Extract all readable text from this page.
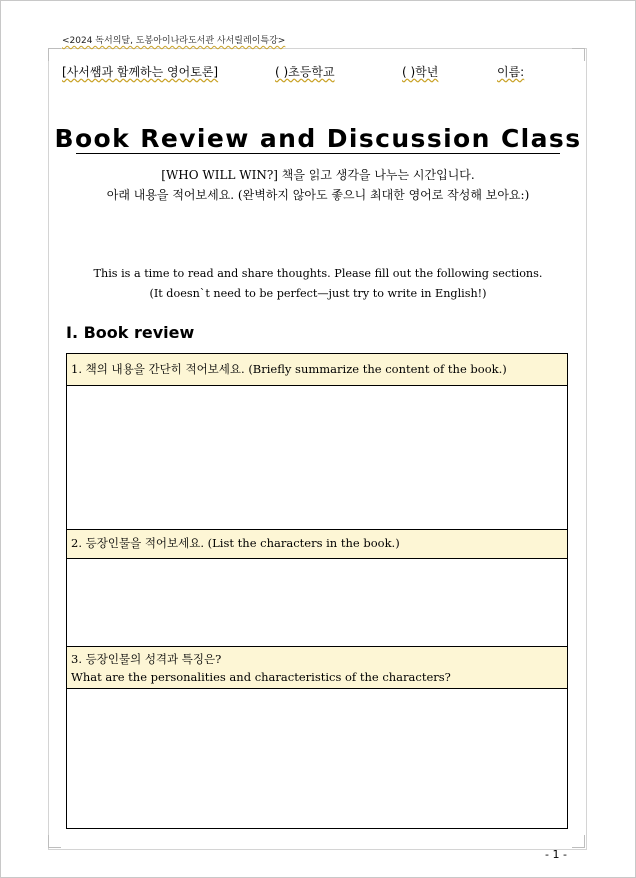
<2024 독서의달, 도봉아이나라도서관 사서릴레이특강>
[사서쌤과 함께하는 영어토론]	( )초등학교	( )학년	이름:
Book Review and Discussion Class
[WHO WILL WIN?] 책을 읽고 생각을 나누는 시간입니다.
아래 내용을 적어보세요. (완벽하지 않아도 좋으니 최대한 영어로 작성해 보아요:)
This is a time to read and share thoughts. Please fill out the following sections.
(It doesn`t need to be perfect—just try to write in English!)
Ⅰ. Book review
1. 책의 내용을 간단히 적어보세요. (Briefly summarize the content of the book.)
2. 등장인물을 적어보세요. (List the characters in the book.)
3. 등장인물의 성격과 특징은?
What are the personalities and characteristics of the characters?
- 1 -
